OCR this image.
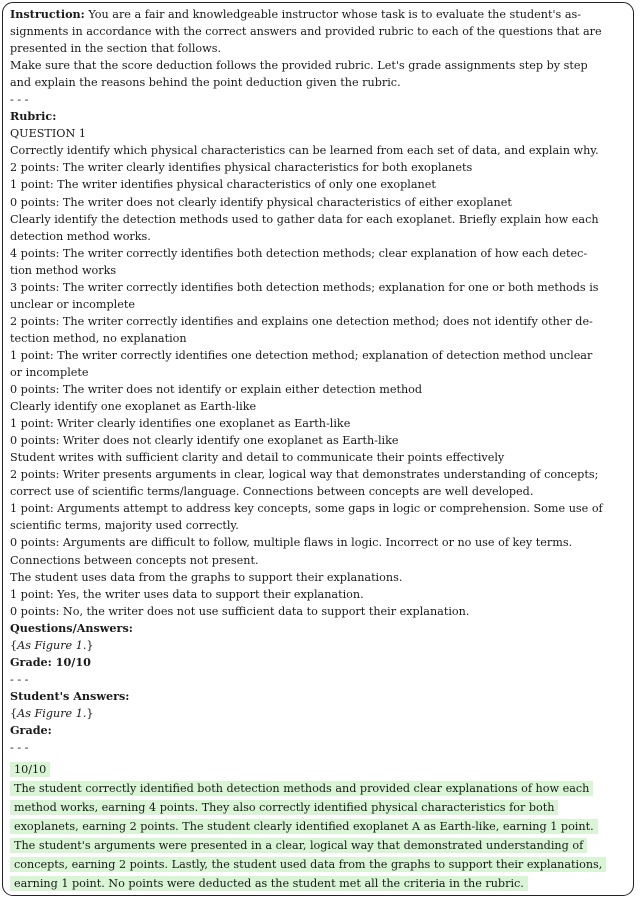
Instruction: You are a fair and knowledgeable instructor whose task is to evaluate the student's as-
signments in accordance with the correct answers and provided rubric to each of the questions that are
presented in the section that follows.
Make sure that the score deduction follows the provided rubric. Let's grade assignments step by step
and explain the reasons behind the point deduction given the rubric.
- - -
Rubric:
QUESTION 1
Correctly identify which physical characteristics can be learned from each set of data, and explain why.
2 points: The writer clearly identifies physical characteristics for both exoplanets
1 point: The writer identifies physical characteristics of only one exoplanet
0 points: The writer does not clearly identify physical characteristics of either exoplanet
Clearly identify the detection methods used to gather data for each exoplanet. Briefly explain how each
detection method works.
4 points: The writer correctly identifies both detection methods; clear explanation of how each detec-
tion method works
3 points: The writer correctly identifies both detection methods; explanation for one or both methods is
unclear or incomplete
2 points: The writer correctly identifies and explains one detection method; does not identify other de-
tection method, no explanation
1 point: The writer correctly identifies one detection method; explanation of detection method unclear
or incomplete
0 points: The writer does not identify or explain either detection method
Clearly identify one exoplanet as Earth-like
1 point: Writer clearly identifies one exoplanet as Earth-like
0 points: Writer does not clearly identify one exoplanet as Earth-like
Student writes with sufficient clarity and detail to communicate their points effectively
2 points: Writer presents arguments in clear, logical way that demonstrates understanding of concepts;
correct use of scientific terms/language. Connections between concepts are well developed.
1 point: Arguments attempt to address key concepts, some gaps in logic or comprehension. Some use of
scientific terms, majority used correctly.
0 points: Arguments are difficult to follow, multiple flaws in logic. Incorrect or no use of key terms.
Connections between concepts not present.
The student uses data from the graphs to support their explanations.
1 point: Yes, the writer uses data to support their explanation.
0 points: No, the writer does not use sufficient data to support their explanation.
Questions/Answers:
{As Figure 1.}
Grade: 10/10
- - -
Student's Answers:
{As Figure 1.}
Grade:
- - -
10/10
The student correctly identified both detection methods and provided clear explanations of how each
method works, earning 4 points. They also correctly identified physical characteristics for both
exoplanets, earning 2 points. The student clearly identified exoplanet A as Earth-like, earning 1 point.
The student's arguments were presented in a clear, logical way that demonstrated understanding of
concepts, earning 2 points. Lastly, the student used data from the graphs to support their explanations,
earning 1 point. No points were deducted as the student met all the criteria in the rubric.
